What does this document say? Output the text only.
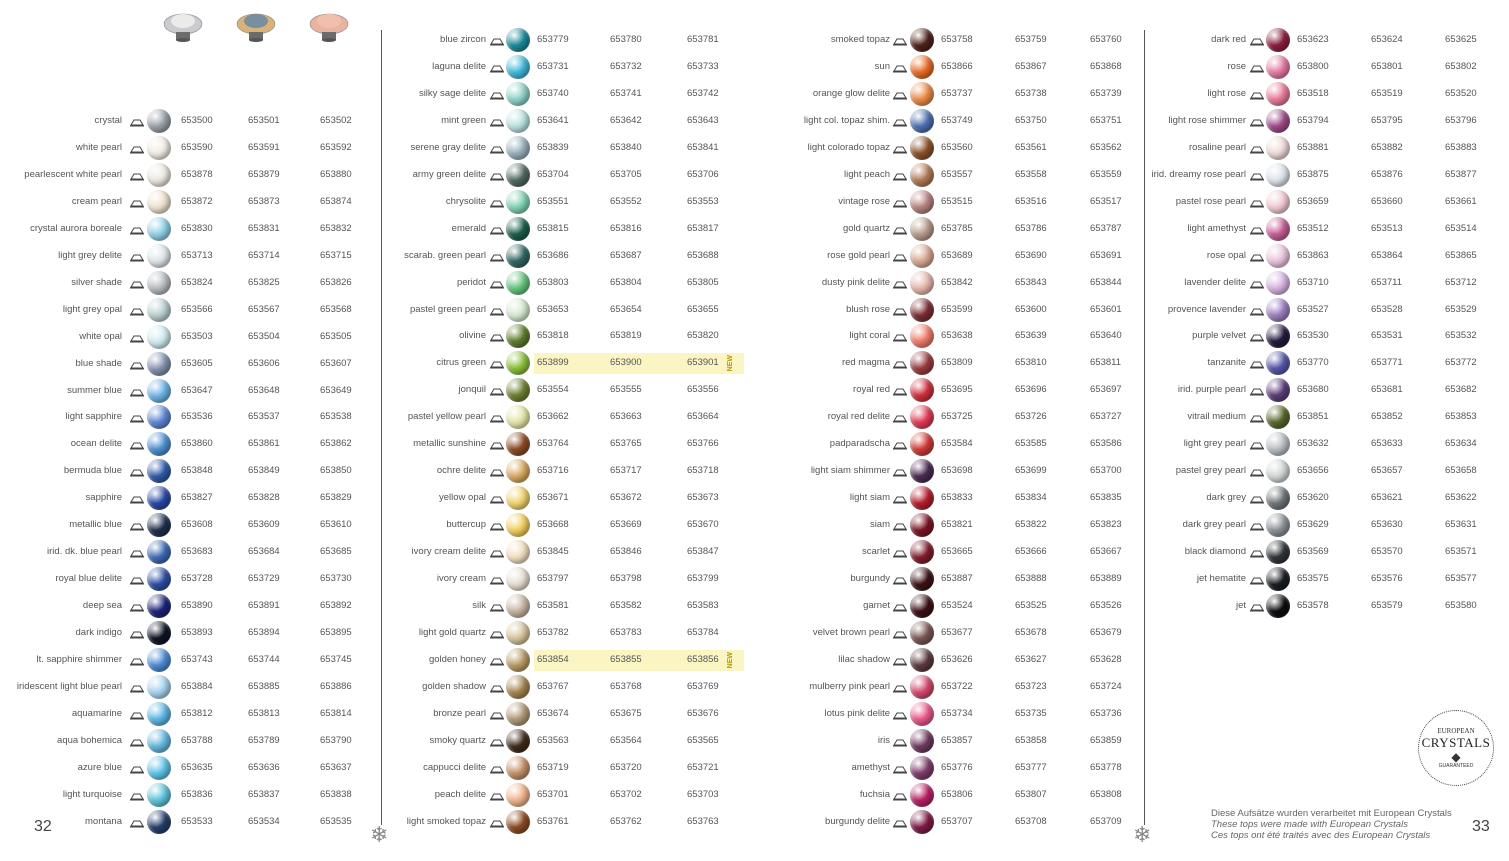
crystal	653500	653501	653502
white pearl	653590	653591	653592
pearlescent white pearl	653878	653879	653880
cream pearl	653872	653873	653874
crystal aurora boreale	653830	653831	653832
light grey delite	653713	653714	653715
silver shade	653824	653825	653826
light grey opal	653566	653567	653568
white opal	653503	653504	653505
blue shade	653605	653606	653607
summer blue	653647	653648	653649
light sapphire	653536	653537	653538
ocean delite	653860	653861	653862
bermuda blue	653848	653849	653850
sapphire	653827	653828	653829
metallic blue	653608	653609	653610
irid. dk. blue pearl	653683	653684	653685
royal blue delite	653728	653729	653730
deep sea	653890	653891	653892
dark indigo	653893	653894	653895
lt. sapphire shimmer	653743	653744	653745
iridescent light blue pearl	653884	653885	653886
aquamarine	653812	653813	653814
aqua bohemica	653788	653789	653790
azure blue	653635	653636	653637
light turquoise	653836	653837	653838
montana	653533	653534	653535
blue zircon	653779	653780	653781
laguna delite	653731	653732	653733
silky sage delite	653740	653741	653742
mint green	653641	653642	653643
serene gray delite	653839	653840	653841
army green delite	653704	653705	653706
chrysolite	653551	653552	653553
emerald	653815	653816	653817
scarab. green pearl	653686	653687	653688
peridot	653803	653804	653805
pastel green pearl	653653	653654	653655
olivine	653818	653819	653820
citrus green	653899	653900	653901 NEW
jonquil	653554	653555	653556
pastel yellow pearl	653662	653663	653664
metallic sunshine	653764	653765	653766
ochre delite	653716	653717	653718
yellow opal	653671	653672	653673
buttercup	653668	653669	653670
ivory cream delite	653845	653846	653847
ivory cream	653797	653798	653799
silk	653581	653582	653583
light gold quartz	653782	653783	653784
golden honey	653854	653855	653856 NEW
golden shadow	653767	653768	653769
bronze pearl	653674	653675	653676
smoky quartz	653563	653564	653565
cappucci delite	653719	653720	653721
peach delite	653701	653702	653703
light smoked topaz	653761	653762	653763
smoked topaz	653758	653759	653760
sun	653866	653867	653868
orange glow delite	653737	653738	653739
light col. topaz shim.	653749	653750	653751
light colorado topaz	653560	653561	653562
light peach	653557	653558	653559
vintage rose	653515	653516	653517
gold quartz	653785	653786	653787
rose gold pearl	653689	653690	653691
dusty pink delite	653842	653843	653844
blush rose	653599	653600	653601
light coral	653638	653639	653640
red magma	653809	653810	653811
royal red	653695	653696	653697
royal red delite	653725	653726	653727
padparadscha	653584	653585	653586
light siam shimmer	653698	653699	653700
light siam	653833	653834	653835
siam	653821	653822	653823
scarlet	653665	653666	653667
burgundy	653887	653888	653889
garnet	653524	653525	653526
velvet brown pearl	653677	653678	653679
lilac shadow	653626	653627	653628
mulberry pink pearl	653722	653723	653724
lotus pink delite	653734	653735	653736
iris	653857	653858	653859
amethyst	653776	653777	653778
fuchsia	653806	653807	653808
burgundy delite	653707	653708	653709
dark red	653623	653624	653625
rose	653800	653801	653802
light rose	653518	653519	653520
light rose shimmer	653794	653795	653796
rosaline pearl	653881	653882	653883
irid. dreamy rose pearl	653875	653876	653877
pastel rose pearl	653659	653660	653661
light amethyst	653512	653513	653514
rose opal	653863	653864	653865
lavender delite	653710	653711	653712
provence lavender	653527	653528	653529
purple velvet	653530	653531	653532
tanzanite	653770	653771	653772
irid. purple pearl	653680	653681	653682
vitrail medium	653851	653852	653853
light grey pearl	653632	653633	653634
pastel grey pearl	653656	653657	653658
dark grey	653620	653621	653622
dark grey pearl	653629	653630	653631
black diamond	653569	653570	653571
jet hematite	653575	653576	653577
jet	653578	653579	653580
❄	❄
32	33
EUROPEAN
CRYSTALS
◆
GUARANTEED
Diese Aufsätze wurden verarbeitet mit European Crystals
These tops were made with European Crystals
Ces tops ont été traités avec des European Crystals
